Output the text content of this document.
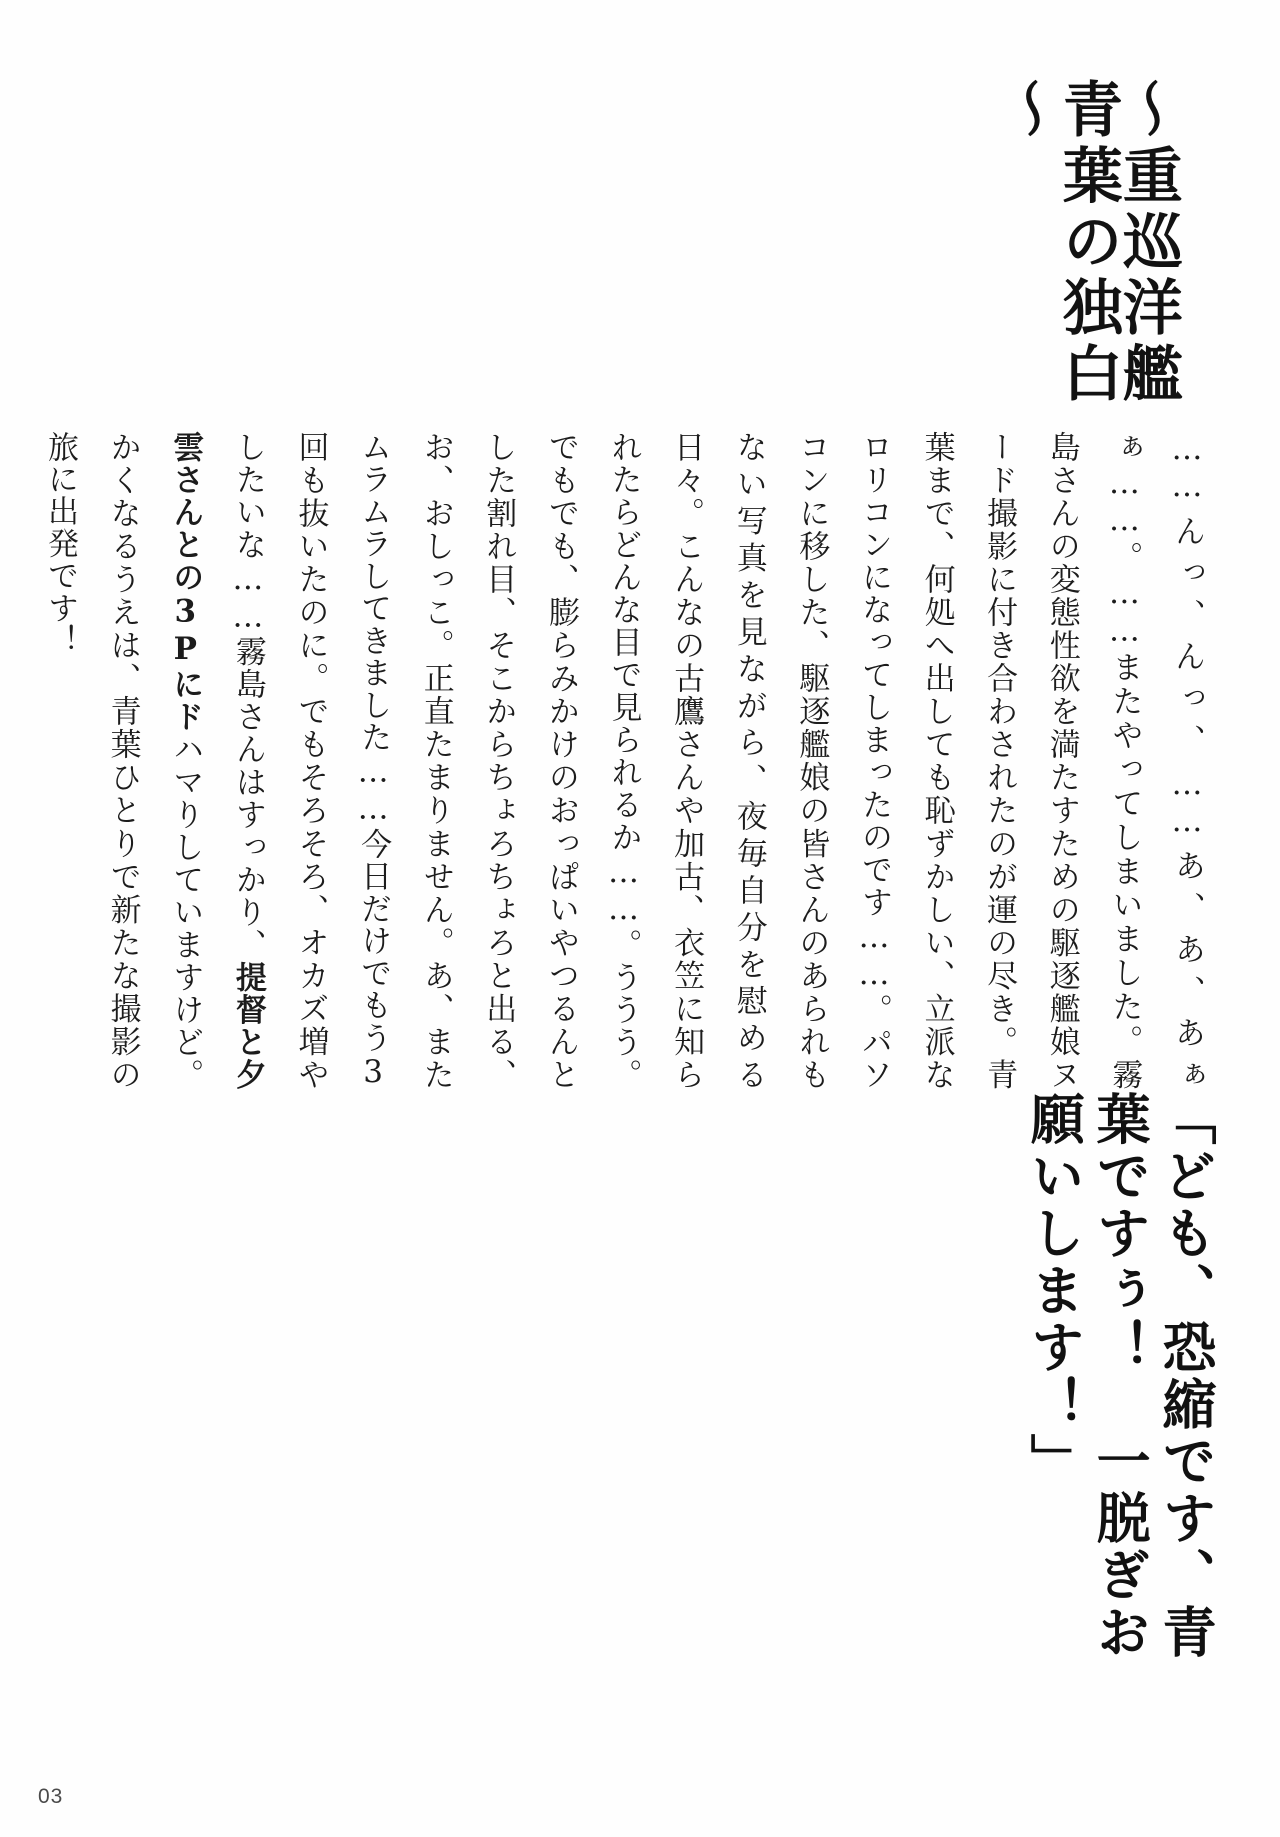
～重巡洋艦　青葉の独白～

……んっ、んっ、……あ、あ、あぁぁ……。……またやってしまいました。霧島さんの変態性欲を満たすための駆逐艦娘ヌード撮影に付き合わされたのが運の尽き。青葉まで、何処へ出しても恥ずかしい、立派なロリコンになってしまったのです……。パソコンに移した、駆逐艦娘の皆さんのあられもない写真を見ながら、夜毎自分を慰める日々。こんなの古鷹さんや加古、衣笠に知られたらどんな目で見られるか……。ううう。でもでも、膨らみかけのおっぱいやつるんとした割れ目、そこからちょろちょろと出る、お、おしっこ。正直たまりません。あ、またムラムラしてきました……今日だけでもう3回も抜いたのに。でもそろそろ、オカズ増やしたいな……霧島さんはすっかり、提督と夕雲さんとの3Pにドハマりしていますけど。かくなるうえは、青葉ひとりで新たな撮影の旅に出発です！

「ども、恐縮です、青葉ですぅ！　一脱ぎお願いします！」
03
